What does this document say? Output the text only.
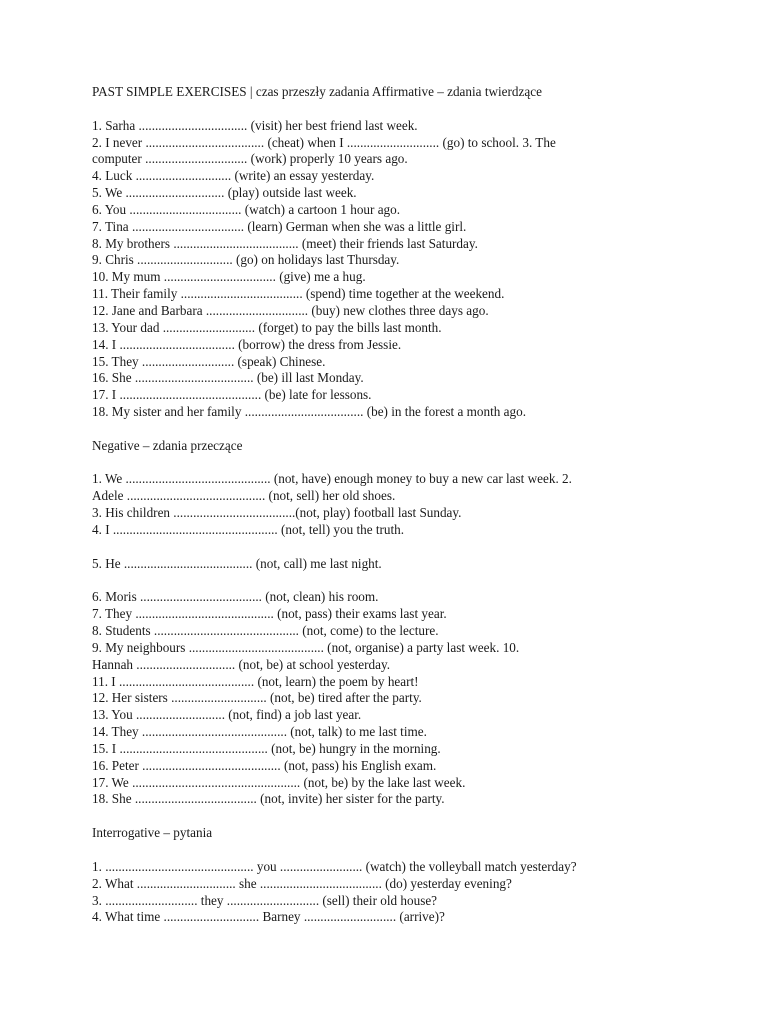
PAST SIMPLE EXERCISES | czas przeszły zadania Affirmative – zdania twierdzące
1. Sarha ................................. (visit) her best friend last week.
2. I never .................................... (cheat) when I ............................ (go) to school. 3. The
computer ............................... (work) properly 10 years ago.
4. Luck ............................. (write) an essay yesterday.
5. We .............................. (play) outside last week.
6. You .................................. (watch) a cartoon 1 hour ago.
7. Tina .................................. (learn) German when she was a little girl.
8. My brothers ...................................... (meet) their friends last Saturday.
9. Chris ............................. (go) on holidays last Thursday.
10. My mum .................................. (give) me a hug.
11. Their family ..................................... (spend) time together at the weekend.
12. Jane and Barbara ............................... (buy) new clothes three days ago.
13. Your dad ............................ (forget) to pay the bills last month.
14. I ................................... (borrow) the dress from Jessie.
15. They ............................ (speak) Chinese.
16. She .................................... (be) ill last Monday.
17. I ........................................... (be) late for lessons.
18. My sister and her family .................................... (be) in the forest a month ago.
Negative – zdania przeczące
1. We ............................................ (not, have) enough money to buy a new car last week. 2.
Adele .......................................... (not, sell) her old shoes.
3. His children .....................................(not, play) football last Sunday.
4. I .................................................. (not, tell) you the truth.
5. He ....................................... (not, call) me last night.
6. Moris ..................................... (not, clean) his room.
7. They .......................................... (not, pass) their exams last year.
8. Students ............................................ (not, come) to the lecture.
9. My neighbours ......................................... (not, organise) a party last week. 10.
Hannah .............................. (not, be) at school yesterday.
11. I ......................................... (not, learn) the poem by heart!
12. Her sisters ............................. (not, be) tired after the party.
13. You ........................... (not, find) a job last year.
14. They ............................................ (not, talk) to me last time.
15. I ............................................. (not, be) hungry in the morning.
16. Peter .......................................... (not, pass) his English exam.
17. We ................................................... (not, be) by the lake last week.
18. She ..................................... (not, invite) her sister for the party.
Interrogative – pytania
1. ............................................. you ......................... (watch) the volleyball match yesterday?
2. What .............................. she ..................................... (do) yesterday evening?
3. ............................ they ............................ (sell) their old house?
4. What time ............................. Barney ............................ (arrive)?
